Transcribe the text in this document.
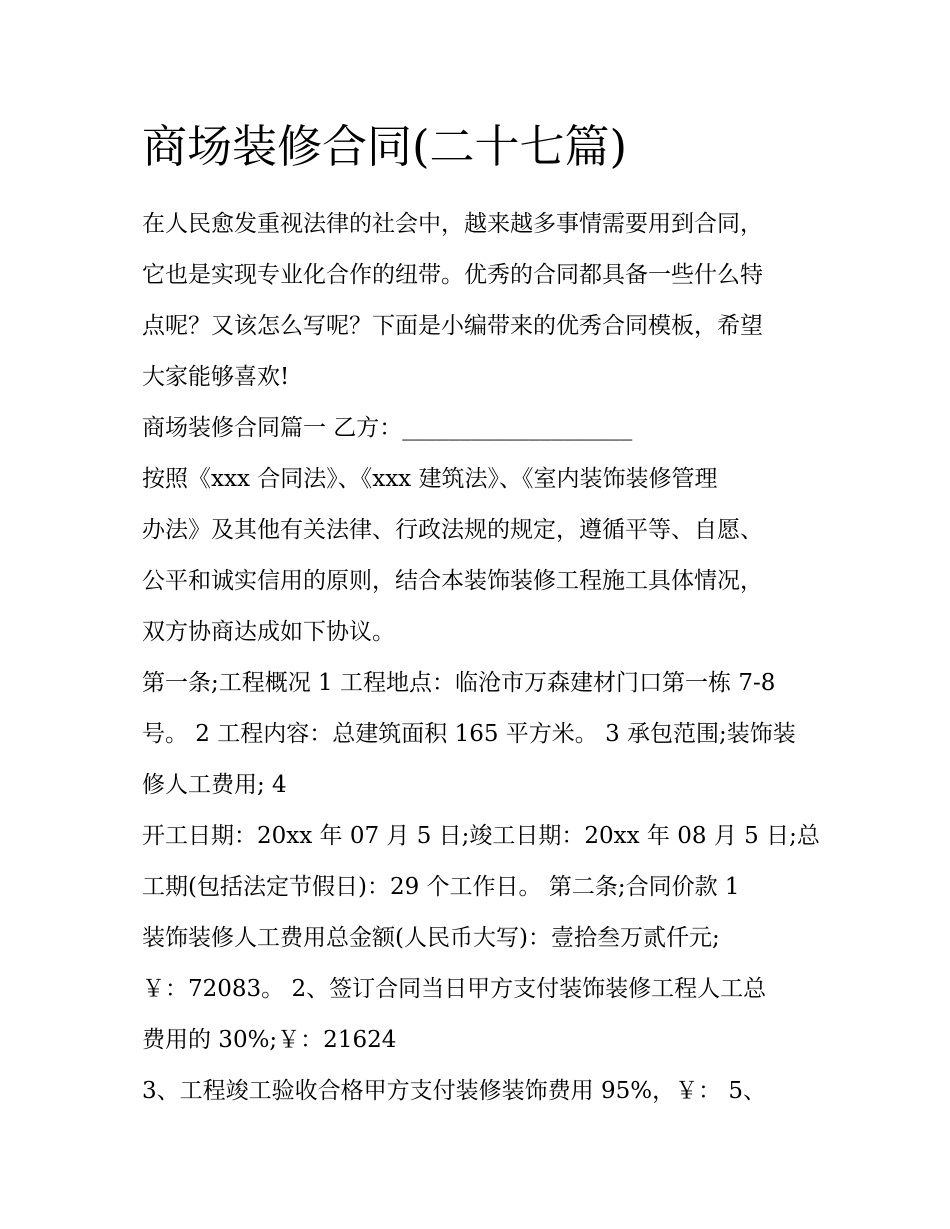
商场装修合同(二十七篇)
在人民愈发重视法律的社会中，越来越多事情需要用到合同，
它也是实现专业化合作的纽带。优秀的合同都具备一些什么特
点呢？又该怎么写呢？下面是小编带来的优秀合同模板，希望
大家能够喜欢!
商场装修合同篇一 乙方：____________________
按照《xxx 合同法》、《xxx 建筑法》、《室内装饰装修管理
办法》及其他有关法律、行政法规的规定，遵循平等、自愿、
公平和诚实信用的原则，结合本装饰装修工程施工具体情况，
双方协商达成如下协议。
第一条;工程概况 1 工程地点：临沧市万森建材门口第一栋 7-8
号。 2 工程内容：总建筑面积 165 平方米。 3 承包范围;装饰装
修人工费用; 4
开工日期：20xx 年 07 月 5 日;竣工日期：20xx 年 08 月 5 日;总
工期(包括法定节假日)：29 个工作日。 第二条;合同价款 1
装饰装修人工费用总金额(人民币大写)：壹拾叁万贰仟元;
￥：72083。 2、签订合同当日甲方支付装饰装修工程人工总
费用的 30%;￥：21624
3、工程竣工验收合格甲方支付装修装饰费用 95%，￥： 5、
